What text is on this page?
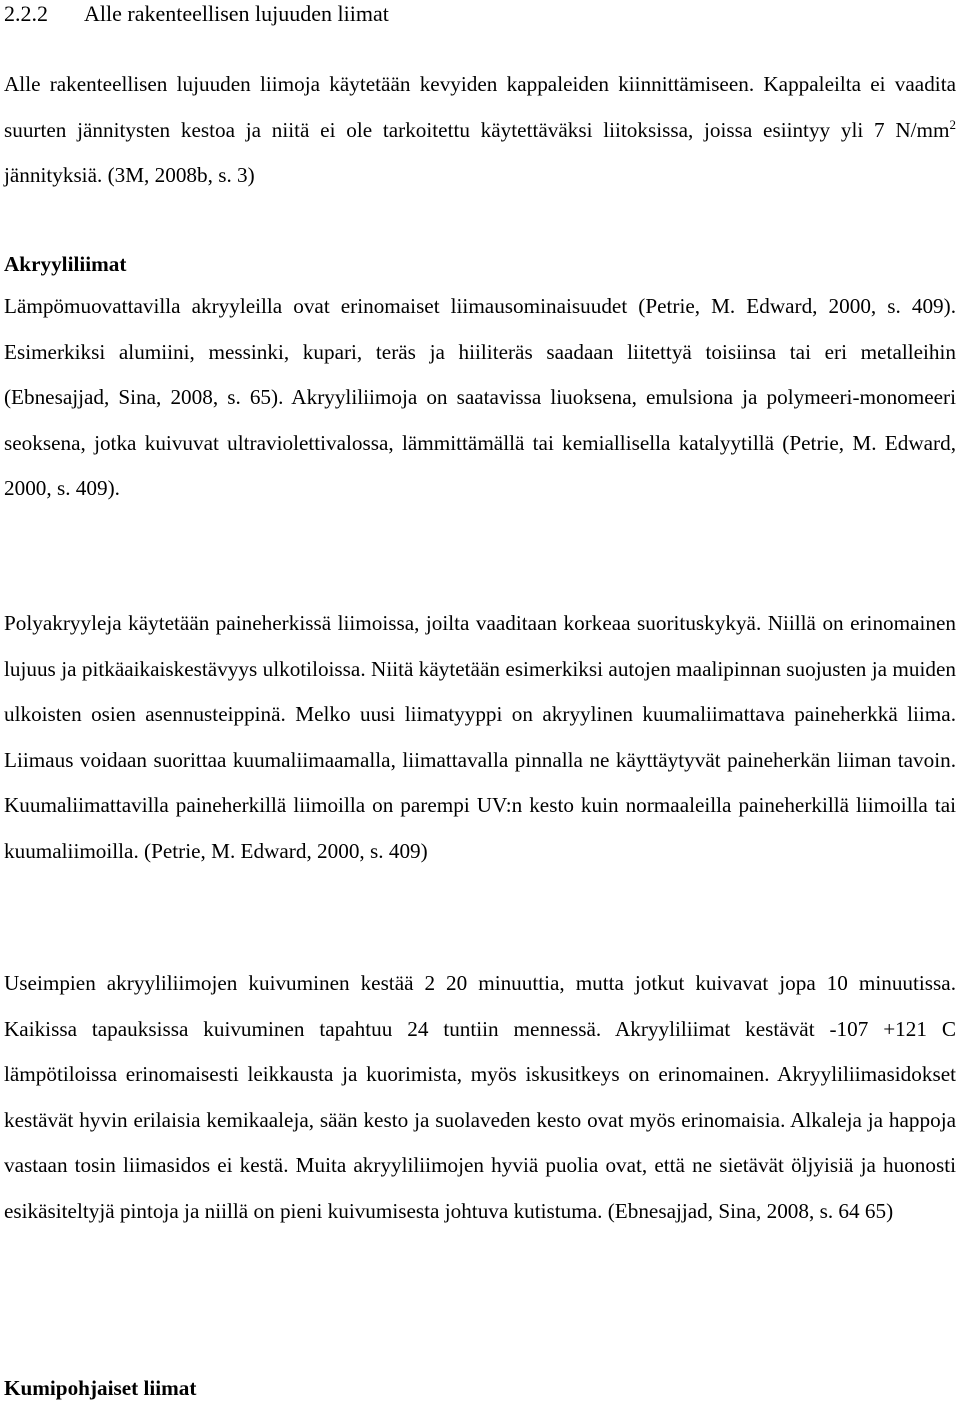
2.2.2 Alle rakenteellisen lujuuden liimat

Alle rakenteellisen lujuuden liimoja käytetään kevyiden kappaleiden kiinnittämiseen. Kappaleilta ei vaadita suurten jännitysten kestoa ja niitä ei ole tarkoitettu käytettäväksi liitoksissa, joissa esiintyy yli 7 $N/mm^2$ jännityksiä. (3M, 2008b, s. 3)

Akryyliliimat

Lämpömuovattavilla akryyleilla ovat erinomaiset liimausominaisuudet (Petrie, M. Edward, 2000, s. 409). Esimerkiksi alumiini, messinki, kupari, teräs ja hiiliteräs saadaan liitettyä toisiinsa tai eri metalleihin (Ebnesajjad, Sina, 2008, s. 65). Akryyliliimoja on saatavissa liuoksena, emulsiona ja polymeeri-monomeeri seoksena, jotka kuivuvat ultraviolettivalossa, lämmittämällä tai kemiallisella katalyytillä (Petrie, M. Edward, 2000, s. 409).

Polyakryyleja käytetään paineherkissä liimoissa, joilta vaaditaan korkeaa suorituskykyä. Niillä on erinomainen lujuus ja pitkäaikaiskestävyys ulkotiloissa. Niitä käytetään esimerkiksi autojen maalipinnan suojusten ja muiden ulkoisten osien asennusteippinä. Melko uusi liimatyyppi on akryylinen kuumaliimattava paineherkkä liima. Liimaus voidaan suorittaa kuumaliimaamalla, liimattavalla pinnalla ne käyttäytyvät paineherkän liiman tavoin. Kuumaliimattavilla paineherkillä liimoilla on parempi UV:n kesto kuin normaaleilla paineherkillä liimoilla tai kuumaliimoilla. (Petrie, M. Edward, 2000, s. 409)

Useimpien akryyliliimojen kuivuminen kestää 2 20 minuuttia, mutta jotkut kuivavat jopa 10 minuutissa. Kaikissa tapauksissa kuivuminen tapahtuu 24 tuntiin mennessä. Akryyliliimat kestävät -107 +121 C lämpötiloissa erinomaisesti leikkausta ja kuorimista, myös iskusitkeys on erinomainen. Akryyliliimasidokset kestävät hyvin erilaisia kemikaaleja, sään kesto ja suolaveden kesto ovat myös erinomaisia. Alkaleja ja happoja vastaan tosin liimasidos ei kestä. Muita akryyliliimojen hyviä puolia ovat, että ne sietävät öljyisiä ja huonosti esikäsiteltyjä pintoja ja niillä on pieni kuivumisesta johtuva kutistuma. (Ebnesajjad, Sina, 2008, s. 64 65)

Kumipohjaiset liimat
